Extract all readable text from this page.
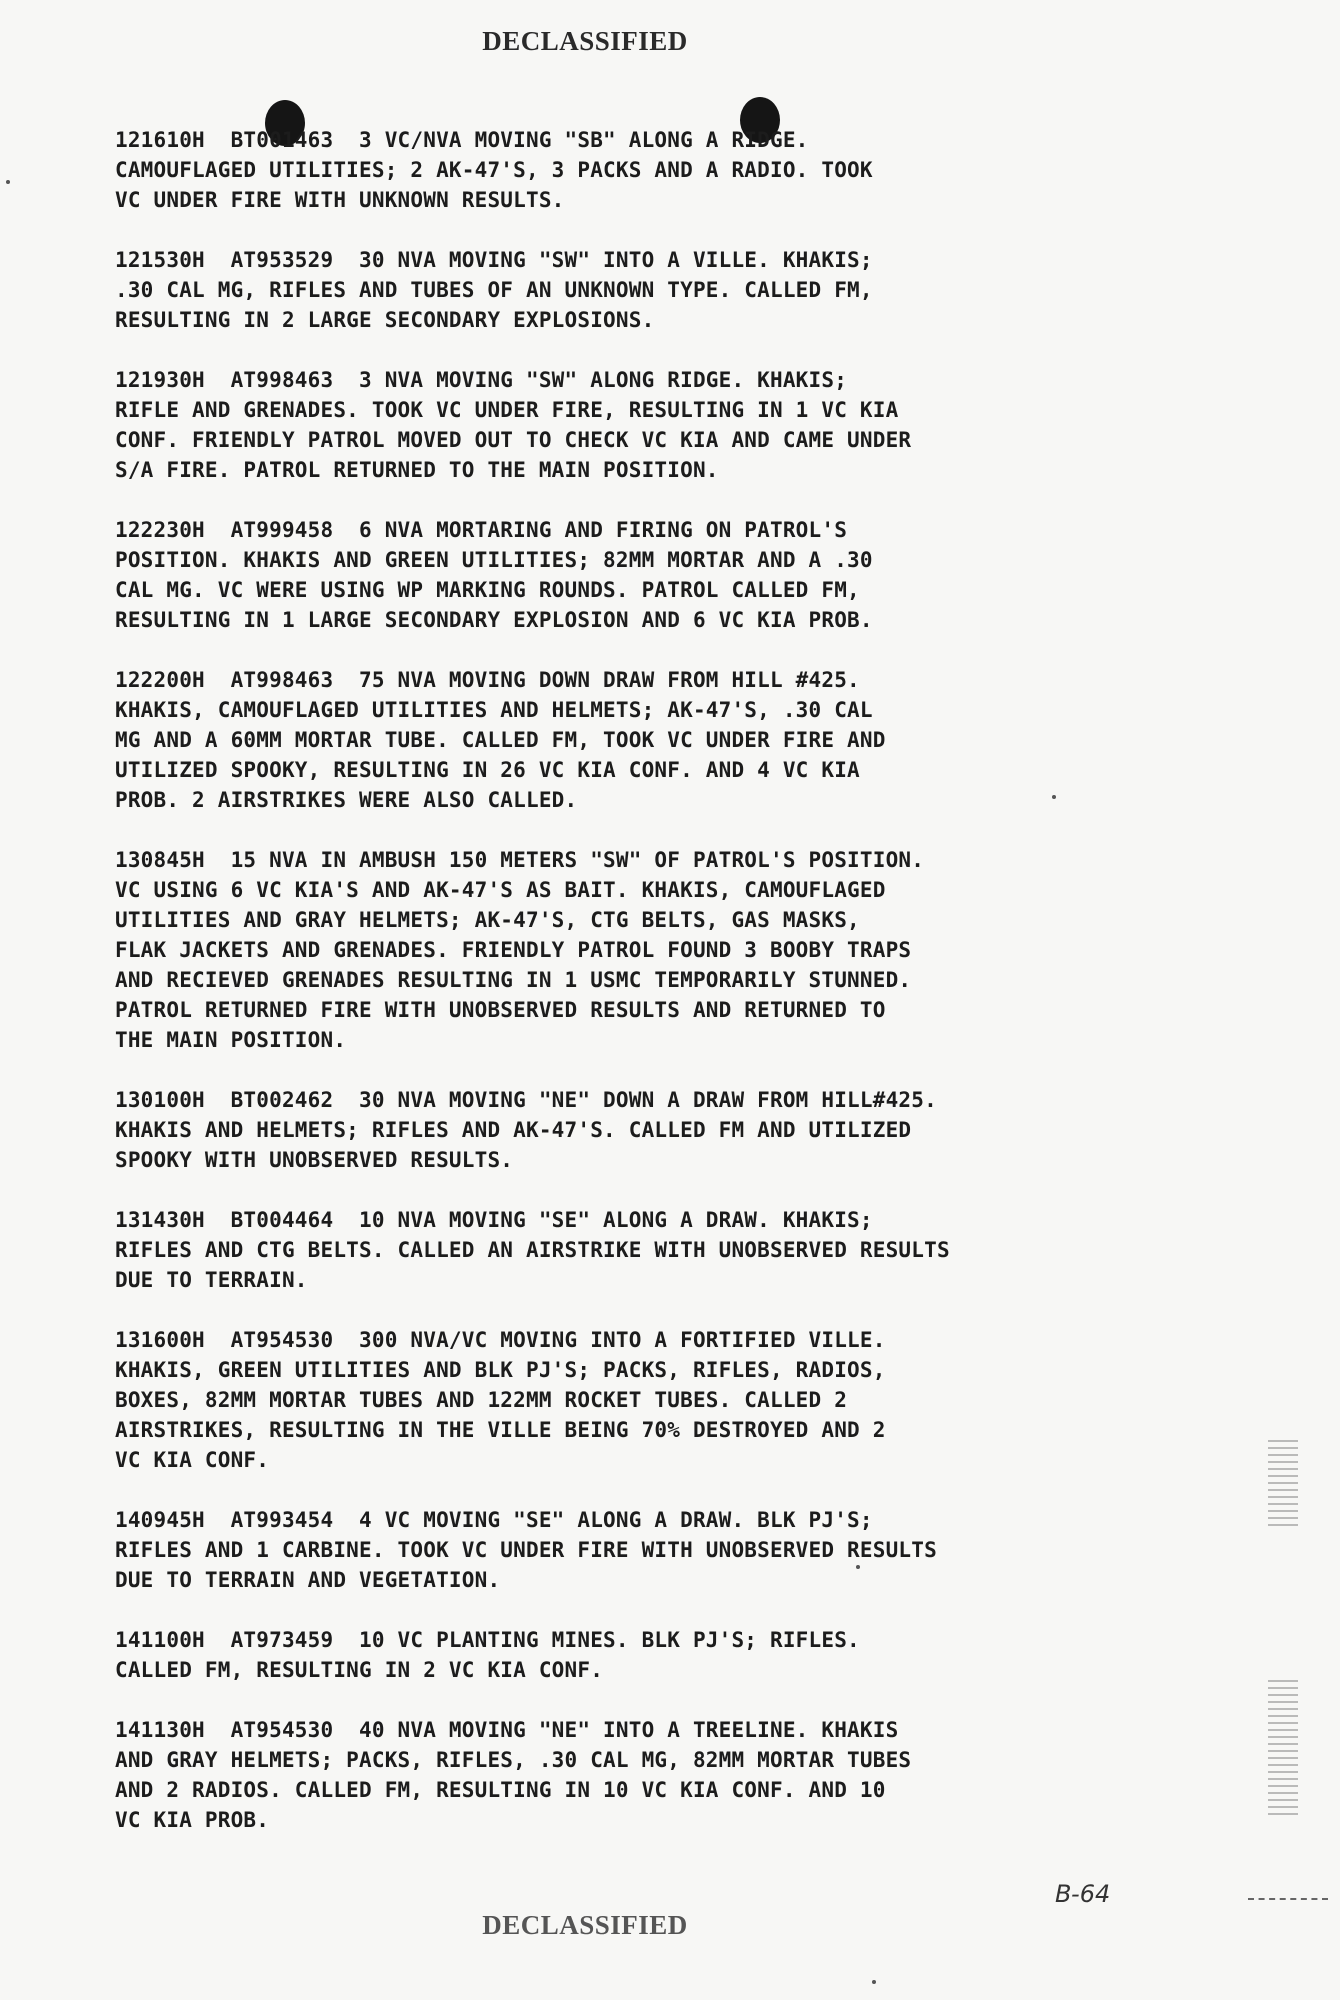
DECLASSIFIED
121610H  BT001463  3 VC/NVA MOVING "SB" ALONG A RIDGE.
CAMOUFLAGED UTILITIES; 2 AK-47'S, 3 PACKS AND A RADIO. TOOK
VC UNDER FIRE WITH UNKNOWN RESULTS.
121530H  AT953529  30 NVA MOVING "SW" INTO A VILLE. KHAKIS;
.30 CAL MG, RIFLES AND TUBES OF AN UNKNOWN TYPE. CALLED FM,
RESULTING IN 2 LARGE SECONDARY EXPLOSIONS.
121930H  AT998463  3 NVA MOVING "SW" ALONG RIDGE. KHAKIS;
RIFLE AND GRENADES. TOOK VC UNDER FIRE, RESULTING IN 1 VC KIA
CONF. FRIENDLY PATROL MOVED OUT TO CHECK VC KIA AND CAME UNDER
S/A FIRE. PATROL RETURNED TO THE MAIN POSITION.
122230H  AT999458  6 NVA MORTARING AND FIRING ON PATROL'S
POSITION. KHAKIS AND GREEN UTILITIES; 82MM MORTAR AND A .30
CAL MG. VC WERE USING WP MARKING ROUNDS. PATROL CALLED FM,
RESULTING IN 1 LARGE SECONDARY EXPLOSION AND 6 VC KIA PROB.
122200H  AT998463  75 NVA MOVING DOWN DRAW FROM HILL #425.
KHAKIS, CAMOUFLAGED UTILITIES AND HELMETS; AK-47'S, .30 CAL
MG AND A 60MM MORTAR TUBE. CALLED FM, TOOK VC UNDER FIRE AND
UTILIZED SPOOKY, RESULTING IN 26 VC KIA CONF. AND 4 VC KIA
PROB. 2 AIRSTRIKES WERE ALSO CALLED.
130845H  15 NVA IN AMBUSH 150 METERS "SW" OF PATROL'S POSITION.
VC USING 6 VC KIA'S AND AK-47'S AS BAIT. KHAKIS, CAMOUFLAGED
UTILITIES AND GRAY HELMETS; AK-47'S, CTG BELTS, GAS MASKS,
FLAK JACKETS AND GRENADES. FRIENDLY PATROL FOUND 3 BOOBY TRAPS
AND RECIEVED GRENADES RESULTING IN 1 USMC TEMPORARILY STUNNED.
PATROL RETURNED FIRE WITH UNOBSERVED RESULTS AND RETURNED TO
THE MAIN POSITION.
130100H  BT002462  30 NVA MOVING "NE" DOWN A DRAW FROM HILL#425.
KHAKIS AND HELMETS; RIFLES AND AK-47'S. CALLED FM AND UTILIZED
SPOOKY WITH UNOBSERVED RESULTS.
131430H  BT004464  10 NVA MOVING "SE" ALONG A DRAW. KHAKIS;
RIFLES AND CTG BELTS. CALLED AN AIRSTRIKE WITH UNOBSERVED RESULTS
DUE TO TERRAIN.
131600H  AT954530  300 NVA/VC MOVING INTO A FORTIFIED VILLE.
KHAKIS, GREEN UTILITIES AND BLK PJ'S; PACKS, RIFLES, RADIOS,
BOXES, 82MM MORTAR TUBES AND 122MM ROCKET TUBES. CALLED 2
AIRSTRIKES, RESULTING IN THE VILLE BEING 70% DESTROYED AND 2
VC KIA CONF.
140945H  AT993454  4 VC MOVING "SE" ALONG A DRAW. BLK PJ'S;
RIFLES AND 1 CARBINE. TOOK VC UNDER FIRE WITH UNOBSERVED RESULTS
DUE TO TERRAIN AND VEGETATION.
141100H  AT973459  10 VC PLANTING MINES. BLK PJ'S; RIFLES.
CALLED FM, RESULTING IN 2 VC KIA CONF.
141130H  AT954530  40 NVA MOVING "NE" INTO A TREELINE. KHAKIS
AND GRAY HELMETS; PACKS, RIFLES, .30 CAL MG, 82MM MORTAR TUBES
AND 2 RADIOS. CALLED FM, RESULTING IN 10 VC KIA CONF. AND 10
VC KIA PROB.
B-64
DECLASSIFIED
